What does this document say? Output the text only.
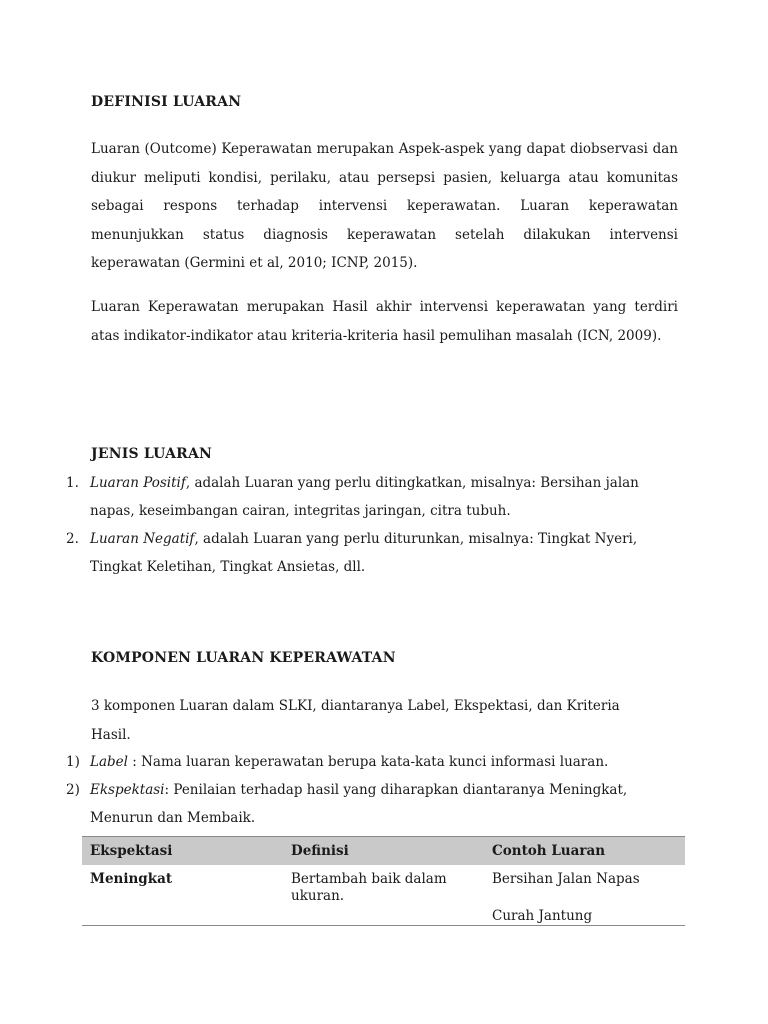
DEFINISI LUARAN

Luaran (Outcome) Keperawatan merupakan Aspek-aspek yang dapat diobservasi dan diukur meliputi kondisi, perilaku, atau persepsi pasien, keluarga atau komunitas sebagai respons terhadap intervensi keperawatan. Luaran keperawatan menunjukkan status diagnosis keperawatan setelah dilakukan intervensi keperawatan (Germini et al, 2010; ICNP, 2015).

Luaran Keperawatan merupakan Hasil akhir intervensi keperawatan yang terdiri atas indikator-indikator atau kriteria-kriteria hasil pemulihan masalah (ICN, 2009).

JENIS LUARAN
1. Luaran Positif, adalah Luaran yang perlu ditingkatkan, misalnya: Bersihan jalan napas, keseimbangan cairan, integritas jaringan, citra tubuh.
2. Luaran Negatif, adalah Luaran yang perlu diturunkan, misalnya: Tingkat Nyeri, Tingkat Keletihan, Tingkat Ansietas, dll.
KOMPONEN LUARAN KEPERAWATAN

3 komponen Luaran dalam SLKI, diantaranya Label, Ekspektasi, dan Kriteria Hasil.

1) Label : Nama luaran keperawatan berupa kata-kata kunci informasi luaran.
2) Ekspektasi: Penilaian terhadap hasil yang diharapkan diantaranya Meningkat, Menurun dan Membaik.
Ekspektasi	Definisi	Contoh Luaran
Meningkat	Bertambah baik dalam ukuran.	Bersihan Jalan Napas
Curah Jantung
